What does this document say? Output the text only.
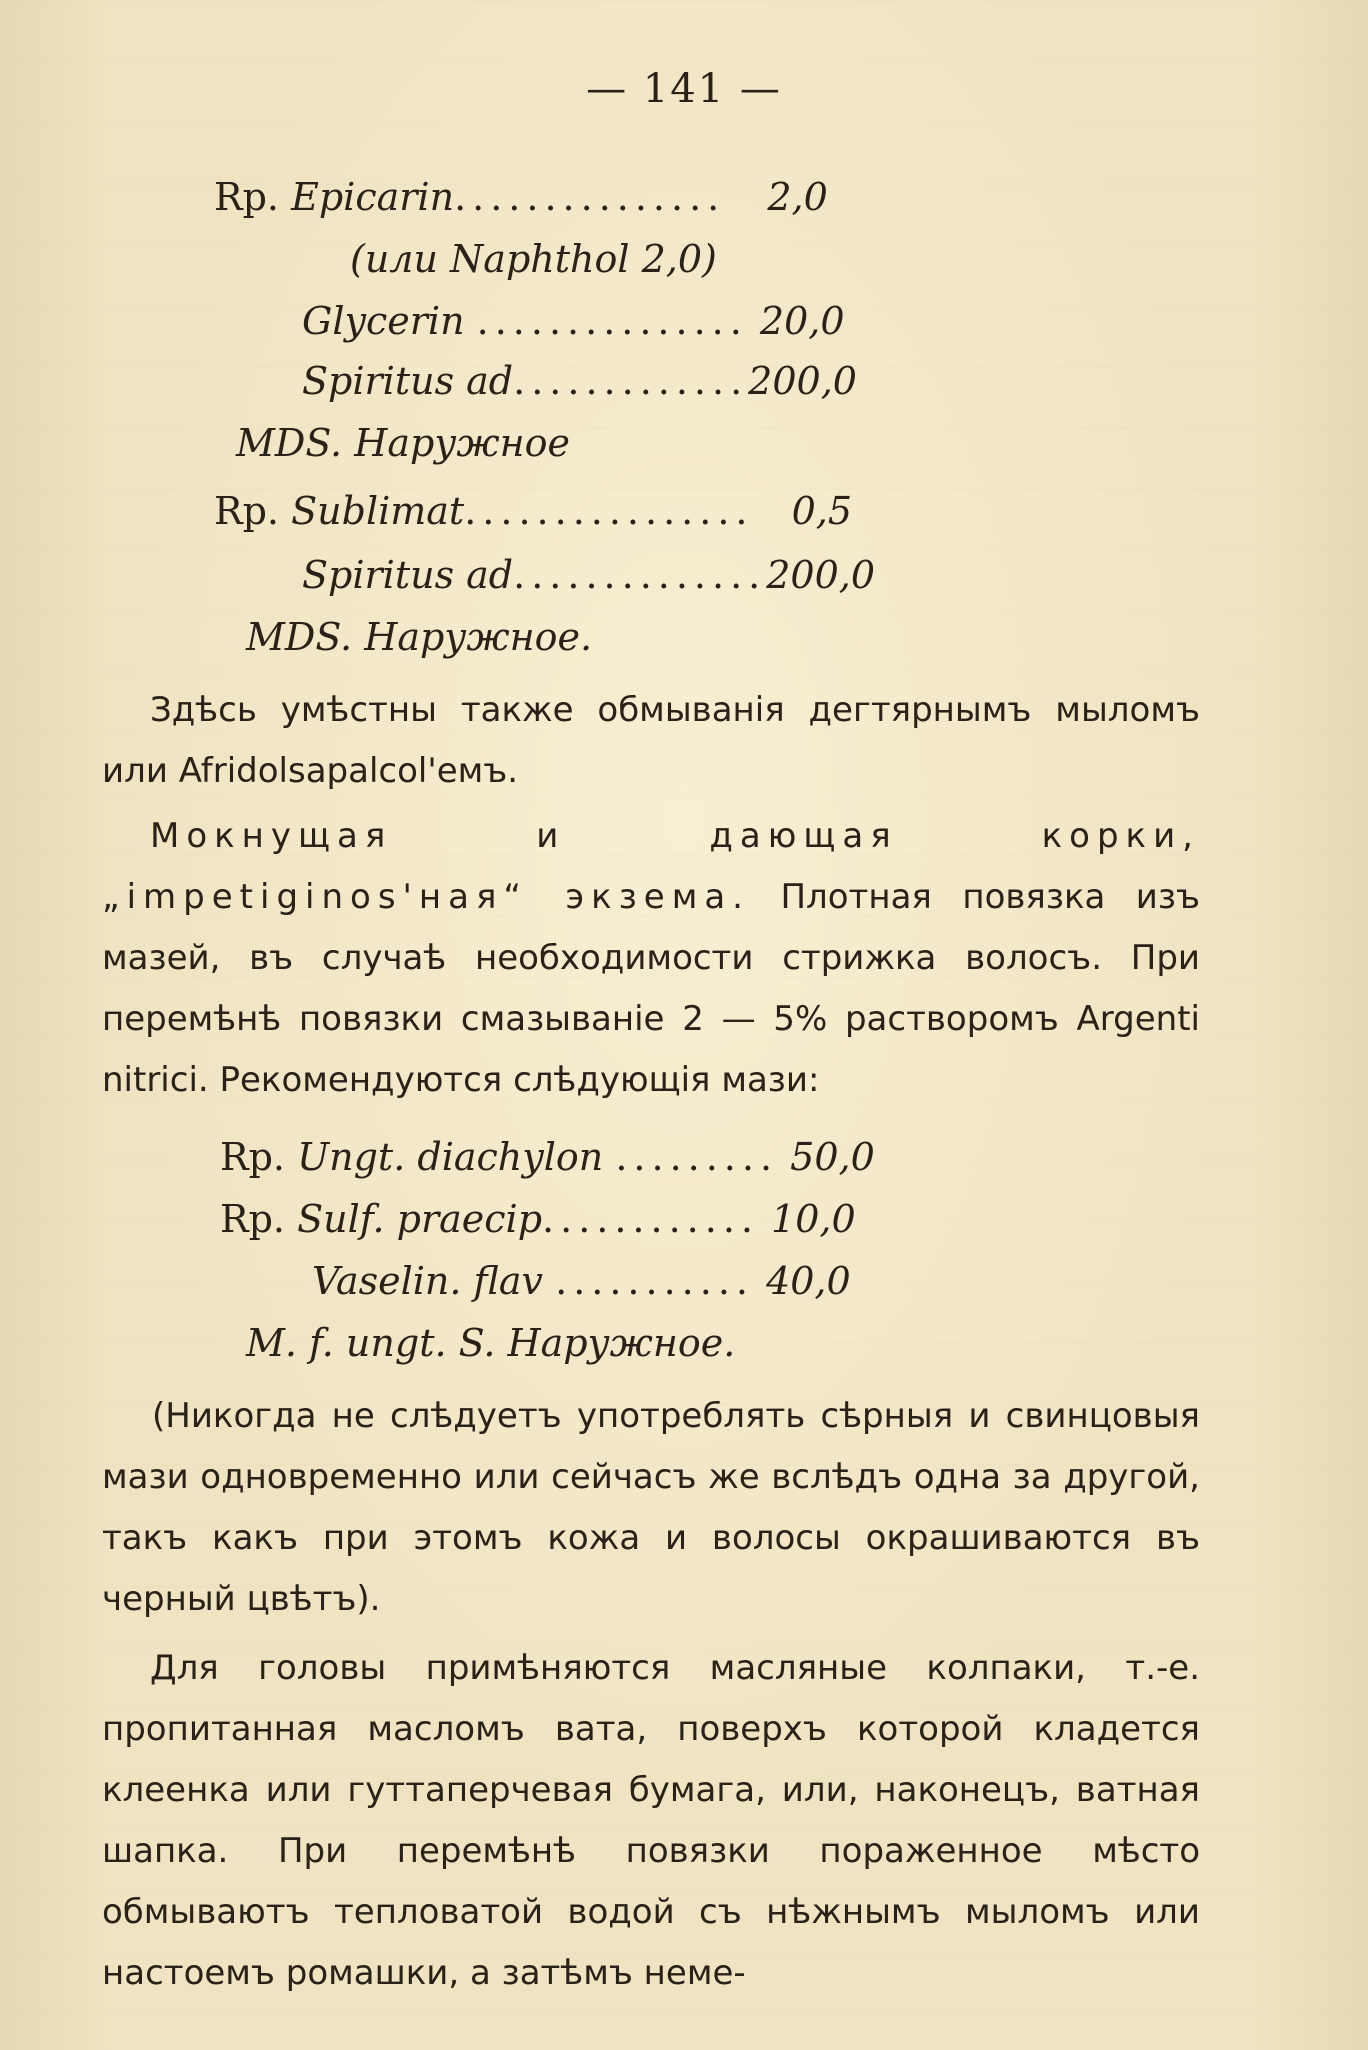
— 141 —
Rp. Epicarin............... 2,0
(или Naphthol 2,0)
Glycerin ............... 20,0
Spiritus ad.............200,0
MDS. Наружное
Rp. Sublimat................ 0,5
Spiritus ad..............200,0
MDS. Наружное.

Здѣсь умѣстны также обмыванія дегтярнымъ мыломъ или Afridolsapalcol'емъ.

Мокнущая и дающая корки, „impetiginos'ная“ экзема. Плотная повязка изъ мазей, въ случаѣ необходимости стрижка волосъ. При перемѣнѣ повязки смазываніе 2 — 5% растворомъ Argenti nitrici. Рекомендуются слѣдующія мази:

Rp. Ungt. diachylon ......... 50,0
Rp. Sulf. praecip............ 10,0
Vaselin. flav ........... 40,0
M. f. ungt. S. Наружное.

(Никогда не слѣдуетъ употреблять сѣрныя и свинцовыя мази одновременно или сейчасъ же вслѣдъ одна за другой, такъ какъ при этомъ кожа и волосы окрашиваются въ черный цвѣтъ).

Для головы примѣняются масляные колпаки, т.-е. пропитанная масломъ вата, поверхъ которой кладется клеенка или гуттаперчевая бумага, или, наконецъ, ватная шапка. При перемѣнѣ повязки пораженное мѣсто обмываютъ тепловатой водой съ нѣжнымъ мыломъ или настоемъ ромашки, а затѣмъ неме-
